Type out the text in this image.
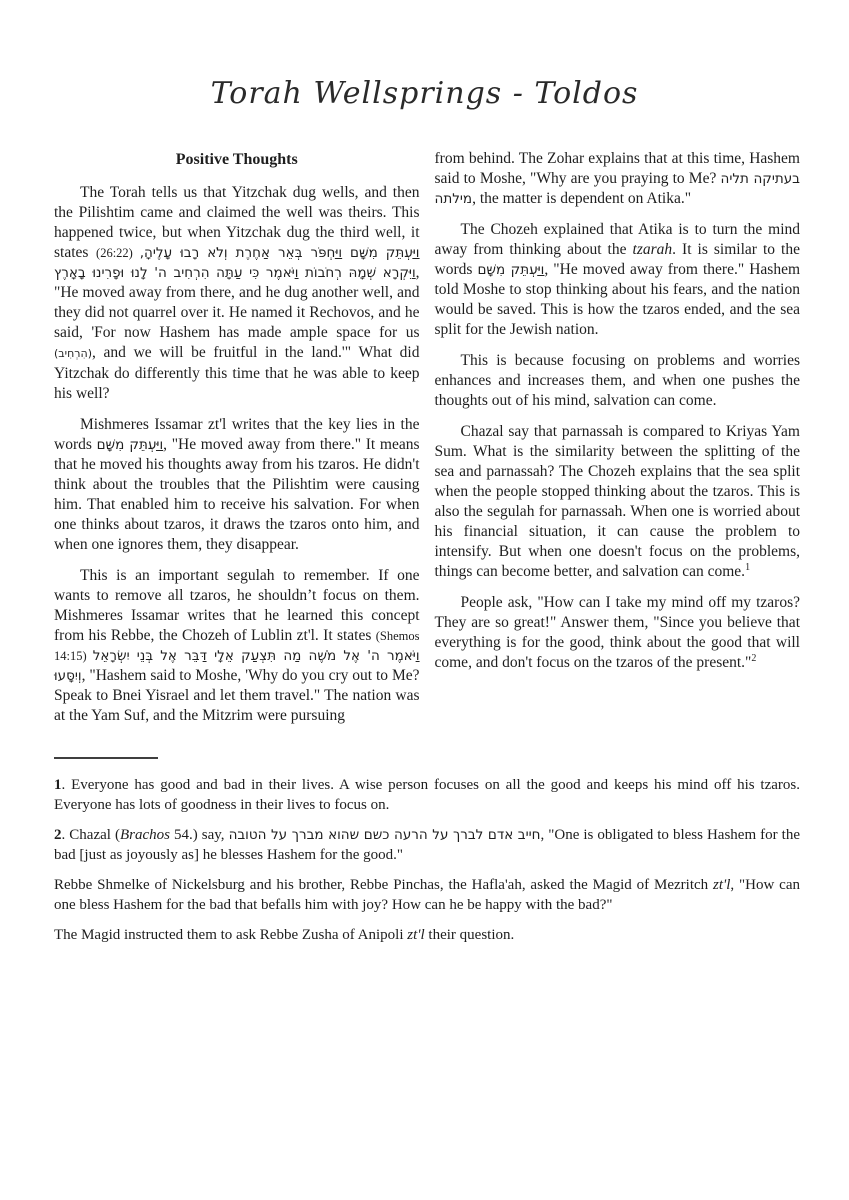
Torah Wellsprings - Toldos
Positive Thoughts

The Torah tells us that Yitzchak dug wells, and then the Pilishtim came and claimed the well was theirs. This happened twice, but when Yitzchak dug the third well, it states (26:22) וַיַּעְתֵּק מִשָּׁם וַיַּחְפֹּר בְּאֵר אַחֶרֶת וְלֹא רָבוּ עָלֶיהָ, וַיִּקְרָא שְׁמָהּ רְחֹבוֹת וַיֹּאמֶר כִּי עַתָּה הִרְחִיב ה' לָנוּ וּפָרִינוּ בָאָרֶץ, "He moved away from there, and he dug another well, and they did not quarrel over it. He named it Rechovos, and he said, 'For now Hashem has made ample space for us (הִרְחִיב), and we will be fruitful in the land.'" What did Yitzchak do differently this time that he was able to keep his well?

Mishmeres Issamar zt'l writes that the key lies in the words וַיַּעְתֵּק מִשָּׁם, "He moved away from there." It means that he moved his thoughts away from his tzaros. He didn't think about the troubles that the Pilishtim were causing him. That enabled him to receive his salvation. For when one thinks about tzaros, it draws the tzaros onto him, and when one ignores them, they disappear.

This is an important segulah to remember. If one wants to remove all tzaros, he shouldn’t focus on them. Mishmeres Issamar writes that he learned this concept from his Rebbe, the Chozeh of Lublin zt'l. It states (Shemos 14:15) וַיֹּאמֶר ה' אֶל מֹשֶׁה מַה תִּצְעַק אֵלָי דַּבֵּר אֶל בְּנֵי יִשְׂרָאֵל וְיִסָּעוּ, "Hashem said to Moshe, 'Why do you cry out to Me? Speak to Bnei Yisrael and let them travel." The nation was at the Yam Suf, and the Mitzrim were pursuing

from behind. The Zohar explains that at this time, Hashem said to Moshe, "Why are you praying to Me? בעתיקה תליה מילתה, the matter is dependent on Atika."

The Chozeh explained that Atika is to turn the mind away from thinking about the tzarah. It is similar to the words וַיַּעְתֵּק מִשָּׁם, "He moved away from there." Hashem told Moshe to stop thinking about his fears, and the nation would be saved. This is how the tzaros ended, and the sea split for the Jewish nation.

This is because focusing on problems and worries enhances and increases them, and when one pushes the thoughts out of his mind, salvation can come.

Chazal say that parnassah is compared to Kriyas Yam Sum. What is the similarity between the splitting of the sea and parnassah? The Chozeh explains that the sea split when the people stopped thinking about the tzaros. This is also the segulah for parnassah. When one is worried about his financial situation, it can cause the problem to intensify. But when one doesn't focus on the problems, things can become better, and salvation can come.$^1$

People ask, "How can I take my mind off my tzaros? They are so great!" Answer them, "Since you believe that everything is for the good, think about the good that will come, and don't focus on the tzaros of the present."$^2$

1. Everyone has good and bad in their lives. A wise person focuses on all the good and keeps his mind off his tzaros. Everyone has lots of goodness in their lives to focus on.

2. Chazal (Brachos 54.) say, חייב אדם לברך על הרעה כשם שהוא מברך על הטובה, "One is obligated to bless Hashem for the bad [just as joyously as] he blesses Hashem for the good."

Rebbe Shmelke of Nickelsburg and his brother, Rebbe Pinchas, the Hafla'ah, asked the Magid of Mezritch zt'l, "How can one bless Hashem for the bad that befalls him with joy? How can he be happy with the bad?"

The Magid instructed them to ask Rebbe Zusha of Anipoli zt'l their question.
